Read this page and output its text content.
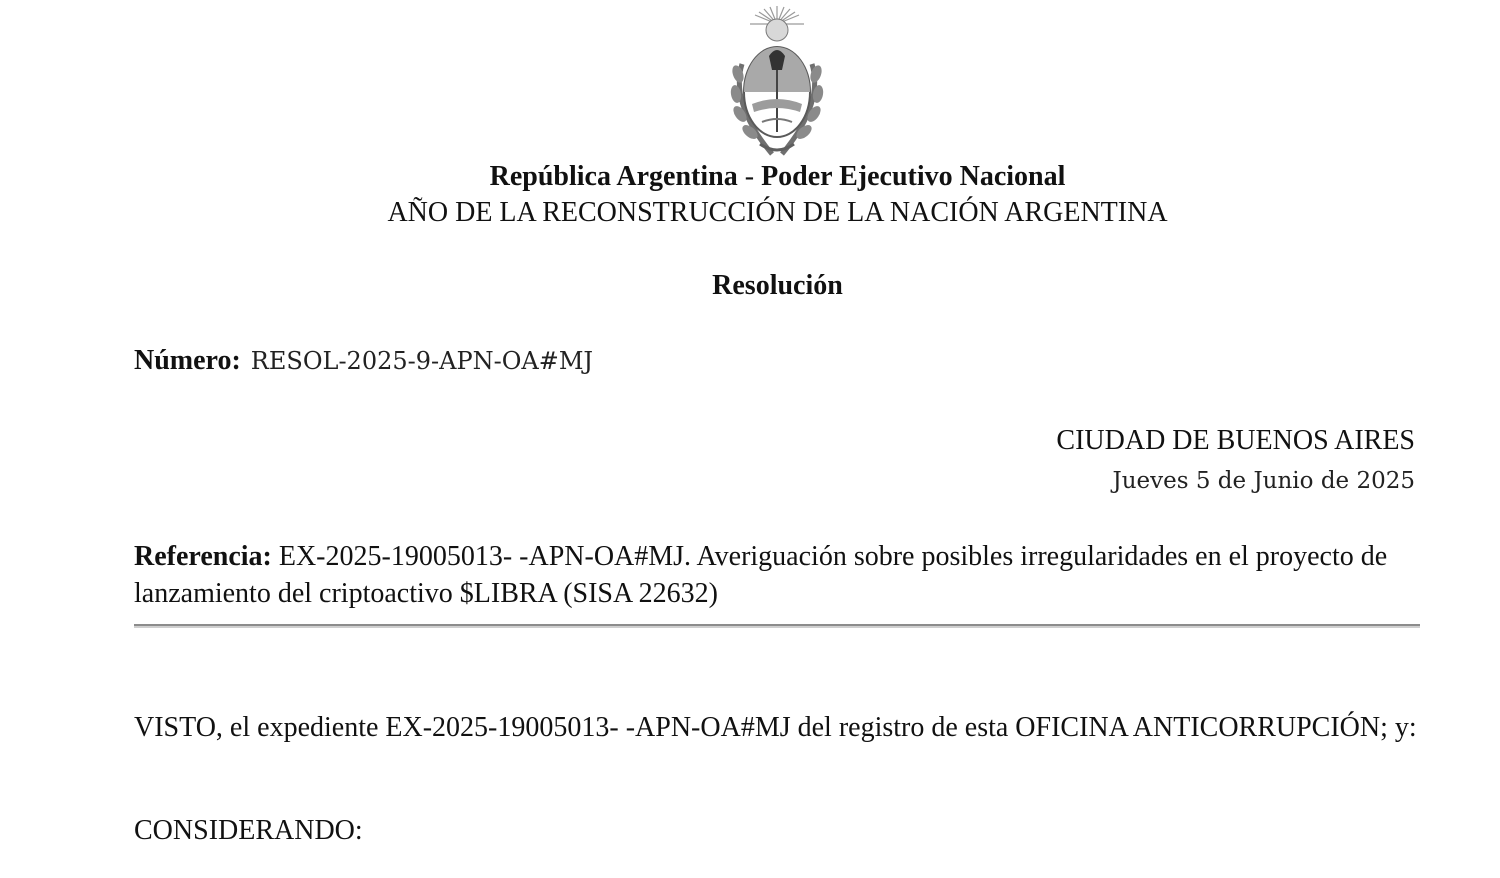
República Argentina - Poder Ejecutivo Nacional
AÑO DE LA RECONSTRUCCIÓN DE LA NACIÓN ARGENTINA
Resolución
Número: RESOL-2025-9-APN-OA#MJ
CIUDAD DE BUENOS AIRES
Jueves 5 de Junio de 2025
Referencia: EX-2025-19005013- -APN-OA#MJ. Averiguación sobre posibles irregularidades en el proyecto de lanzamiento del criptoactivo $LIBRA (SISA 22632)
VISTO, el expediente EX-2025-19005013- -APN-OA#MJ del registro de esta OFICINA ANTICORRUPCIÓN; y:
CONSIDERANDO:
